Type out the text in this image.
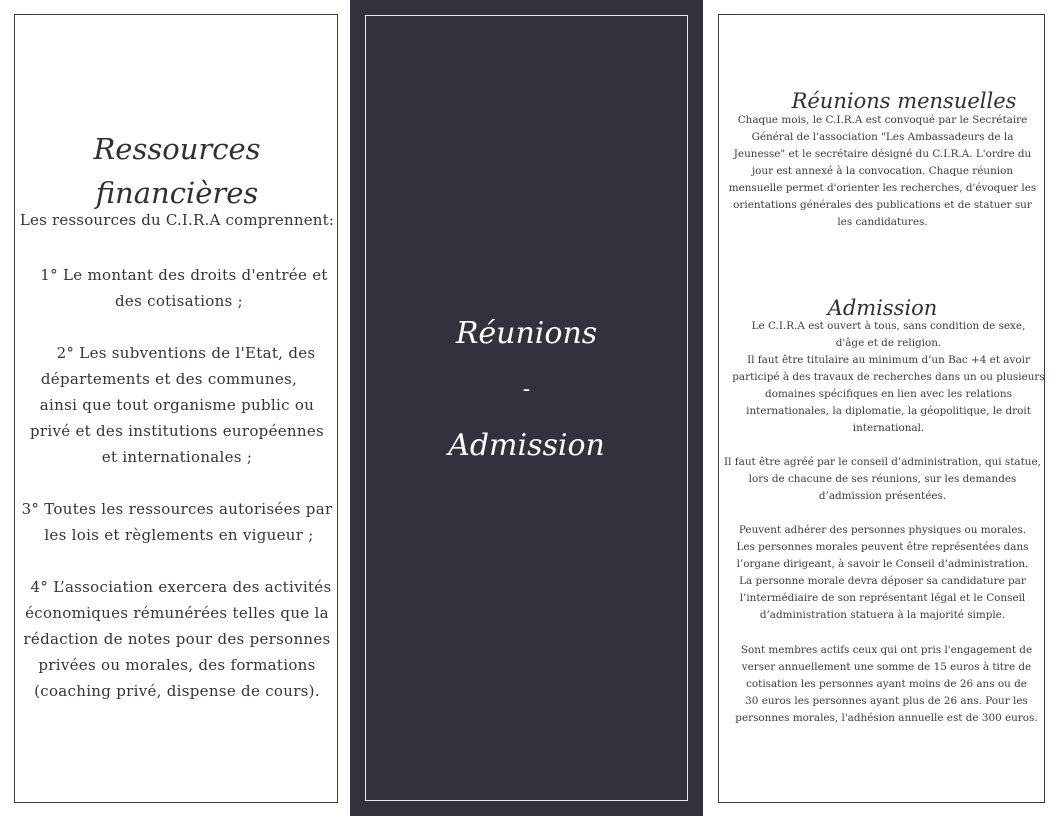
Ressources
financières
Les ressources du C.I.R.A comprennent:
1° Le montant des droits d'entrée et
des cotisations ;
2° Les subventions de l'Etat, des
départements et des communes,
ainsi que tout organisme public ou
privé et des institutions européennes
et internationales ;
3° Toutes les ressources autorisées par
les lois et règlements en vigueur ;
4° L’association exercera des activités
économiques rémunérées telles que la
rédaction de notes pour des personnes
privées ou morales, des formations
(coaching privé, dispense de cours).
Réunions
-
Admission
Réunions mensuelles
Chaque mois, le C.I.R.A est convoqué par le Secrétaire
Général de l'association "Les Ambassadeurs de la
Jeunesse" et le secrétaire désigné du C.I.R.A. L'ordre du
jour est annexé à la convocation. Chaque réunion
mensuelle permet d'orienter les recherches, d'évoquer les
orientations générales des publications et de statuer sur
les candidatures.
Admission
Le C.I.R.A est ouvert à tous, sans condition de sexe,
d'âge et de religion.
Il faut être titulaire au minimum d’un Bac +4 et avoir
participé à des travaux de recherches dans un ou plusieurs
domaines spécifiques en lien avec les relations
internationales, la diplomatie, la géopolitique, le droit
international.
Il faut être agréé par le conseil d’administration, qui statue,
lors de chacune de ses réunions, sur les demandes
d’admission présentées.
Peuvent adhérer des personnes physiques ou morales.
Les personnes morales peuvent être représentées dans
l’organe dirigeant, à savoir le Conseil d’administration.
La personne morale devra déposer sa candidature par
l’intermédiaire de son représentant légal et le Conseil
d’administration statuera à la majorité simple.
Sont membres actifs ceux qui ont pris l'engagement de
verser annuellement une somme de 15 euros à titre de
cotisation les personnes ayant moins de 26 ans ou de
30 euros les personnes ayant plus de 26 ans. Pour les
personnes morales, l'adhésion annuelle est de 300 euros.
